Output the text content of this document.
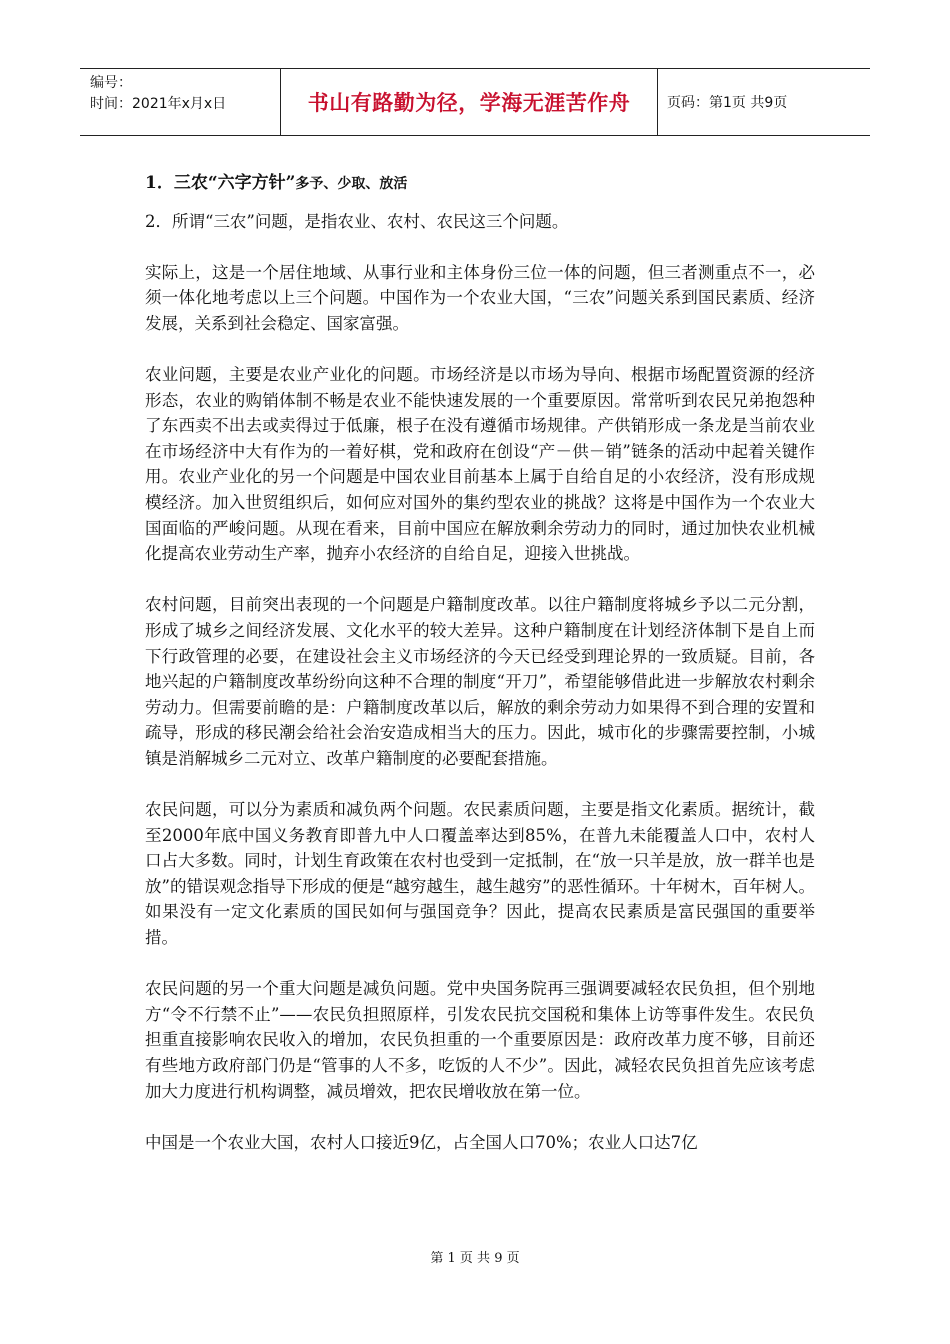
编号：
时间：2021年x月x日	书山有路勤为径，学海无涯苦作舟	页码：第1页 共9页
1．三农“六字方针”多予、少取、放活

2．所谓“三农”问题，是指农业、农村、农民这三个问题。

实际上，这是一个居住地域、从事行业和主体身份三位一体的问题，但三者测重点不一，必须一体化地考虑以上三个问题。中国作为一个农业大国，“三农”问题关系到国民素质、经济发展，关系到社会稳定、国家富强。

农业问题，主要是农业产业化的问题。市场经济是以市场为导向、根据市场配置资源的经济形态，农业的购销体制不畅是农业不能快速发展的一个重要原因。常常听到农民兄弟抱怨种了东西卖不出去或卖得过于低廉，根子在没有遵循市场规律。产供销形成一条龙是当前农业在市场经济中大有作为的一着好棋，党和政府在创设“产－供－销”链条的活动中起着关键作用。农业产业化的另一个问题是中国农业目前基本上属于自给自足的小农经济，没有形成规模经济。加入世贸组织后，如何应对国外的集约型农业的挑战？这将是中国作为一个农业大国面临的严峻问题。从现在看来，目前中国应在解放剩余劳动力的同时，通过加快农业机械化提高农业劳动生产率，抛弃小农经济的自给自足，迎接入世挑战。

农村问题，目前突出表现的一个问题是户籍制度改革。以往户籍制度将城乡予以二元分割，形成了城乡之间经济发展、文化水平的较大差异。这种户籍制度在计划经济体制下是自上而下行政管理的必要，在建设社会主义市场经济的今天已经受到理论界的一致质疑。目前，各地兴起的户籍制度改革纷纷向这种不合理的制度“开刀”，希望能够借此进一步解放农村剩余劳动力。但需要前瞻的是：户籍制度改革以后，解放的剩余劳动力如果得不到合理的安置和疏导，形成的移民潮会给社会治安造成相当大的压力。因此，城市化的步骤需要控制，小城镇是消解城乡二元对立、改革户籍制度的必要配套措施。

农民问题，可以分为素质和减负两个问题。农民素质问题，主要是指文化素质。据统计，截至2000年底中国义务教育即普九中人口覆盖率达到85%，在普九未能覆盖人口中，农村人口占大多数。同时，计划生育政策在农村也受到一定抵制，在“放一只羊是放，放一群羊也是放”的错误观念指导下形成的便是“越穷越生，越生越穷”的恶性循环。十年树木，百年树人。如果没有一定文化素质的国民如何与强国竞争？因此，提高农民素质是富民强国的重要举措。

农民问题的另一个重大问题是减负问题。党中央国务院再三强调要减轻农民负担，但个别地方“令不行禁不止”——农民负担照原样，引发农民抗交国税和集体上访等事件发生。农民负担重直接影响农民收入的增加，农民负担重的一个重要原因是：政府改革力度不够，目前还有些地方政府部门仍是“管事的人不多，吃饭的人不少”。因此，减轻农民负担首先应该考虑加大力度进行机构调整，减员增效，把农民增收放在第一位。

中国是一个农业大国，农村人口接近9亿，占全国人口70%；农业人口达7亿

第 1 页 共 9 页
